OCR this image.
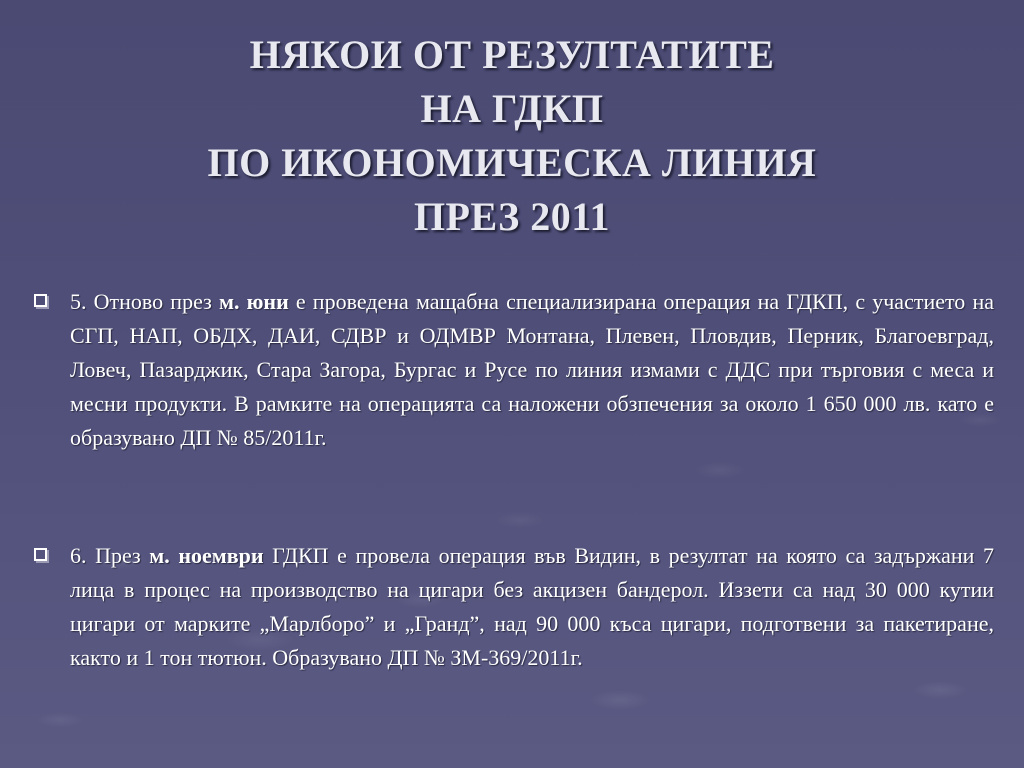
НЯКОИ ОТ РЕЗУЛТАТИТЕ
НА ГДКП
ПО ИКОНОМИЧЕСКА ЛИНИЯ
ПРЕЗ 2011
5. Отново през м. юни е проведена мащабна специализирана операция на ГДКП, с участието на СГП, НАП, ОБДХ, ДАИ, СДВР и ОДМВР Монтана, Плевен, Пловдив, Перник, Благоевград, Ловеч, Пазарджик, Стара Загора, Бургас и Русе по линия измами с ДДС при търговия с меса и месни продукти. В рамките на операцията са наложени обзпечения за около 1 650 000 лв. като е образувано ДП № 85/2011г.
6. През м. ноември ГДКП е провела операция във Видин, в резултат на която са задържани 7 лица в процес на производство на цигари без акцизен бандерол. Иззети са над 30 000 кутии цигари от марките „Марлборо” и „Гранд”, над 90 000 къса цигари, подготвени за пакетиране, както и 1 тон тютюн. Образувано ДП № ЗМ-369/2011г.
